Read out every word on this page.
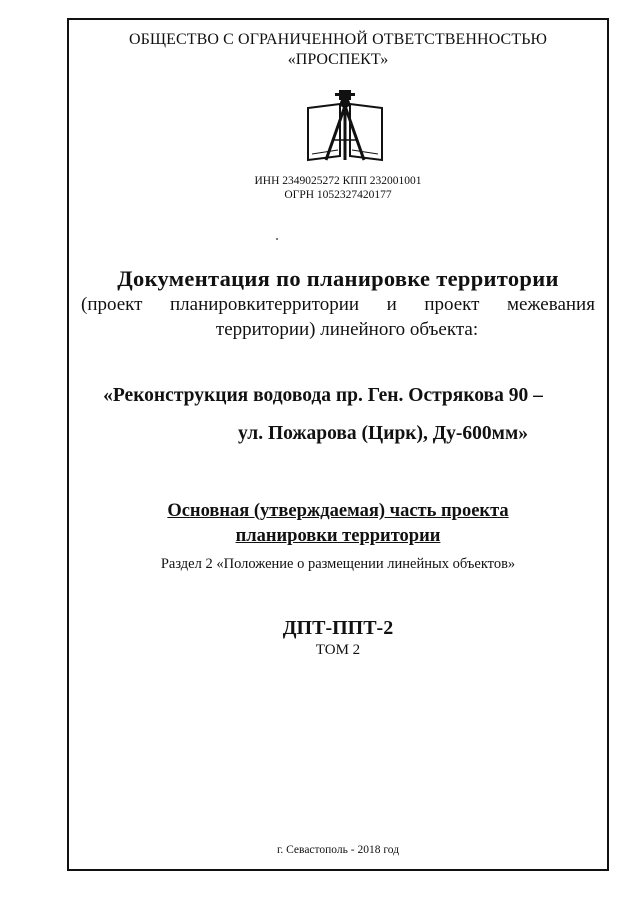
ОБЩЕСТВО С ОГРАНИЧЕННОЙ ОТВЕТСТВЕННОСТЬЮ
«ПРОСПЕКТ»
ИНН 2349025272 КПП 232001001
ОГРН 1052327420177
Документация по планировке территории
(проект планировкитерритории и проект межевания
территории) линейного объекта:
«Реконструкция водовода пр. Ген. Острякова 90 –
ул. Пожарова (Цирк), Ду-600мм»
Основная (утверждаемая) часть проекта
планировки территории
Раздел 2 «Положение о размещении линейных объектов»
ДПТ-ППТ-2
ТОМ 2
г. Севастополь - 2018 год
